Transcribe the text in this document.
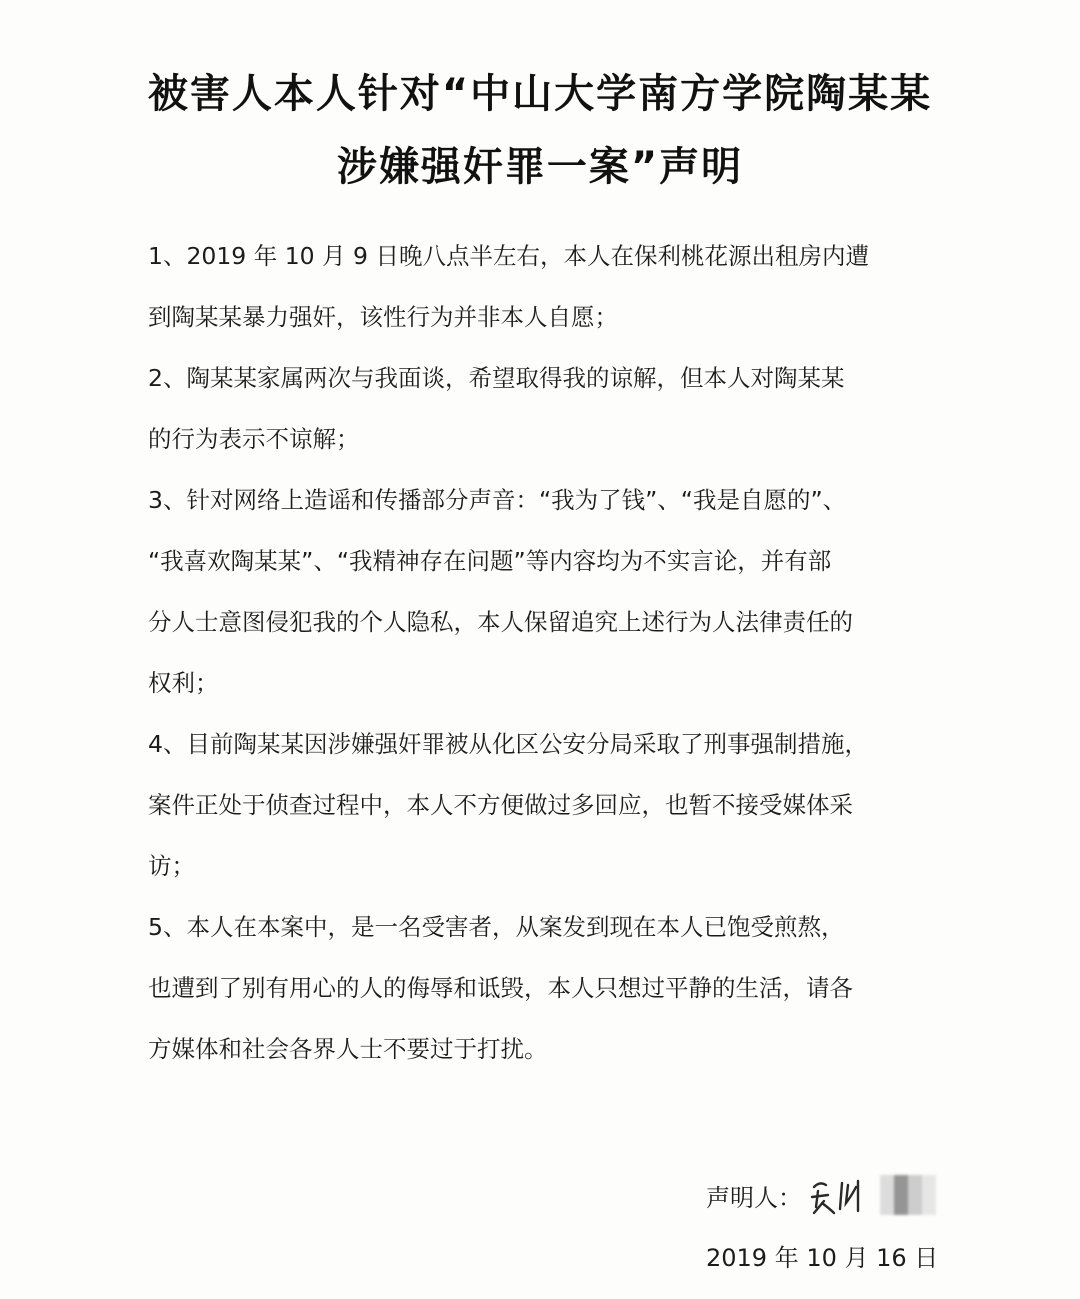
被害人本人针对“中山大学南方学院陶某某
涉嫌强奸罪一案”声明
1、2019 年 10 月 9 日晚八点半左右，本人在保利桃花源出租房内遭
到陶某某暴力强奸，该性行为并非本人自愿；
2、陶某某家属两次与我面谈，希望取得我的谅解，但本人对陶某某
的行为表示不谅解；
3、针对网络上造谣和传播部分声音：“我为了钱”、“我是自愿的”、
“我喜欢陶某某”、“我精神存在问题”等内容均为不实言论，并有部
分人士意图侵犯我的个人隐私，本人保留追究上述行为人法律责任的
权利；
4、目前陶某某因涉嫌强奸罪被从化区公安分局采取了刑事强制措施，
案件正处于侦查过程中，本人不方便做过多回应，也暂不接受媒体采
访；
5、本人在本案中，是一名受害者，从案发到现在本人已饱受煎熬，
也遭到了别有用心的人的侮辱和诋毁，本人只想过平静的生活，请各
方媒体和社会各界人士不要过于打扰。
声明人：
2019 年 10 月 16 日
